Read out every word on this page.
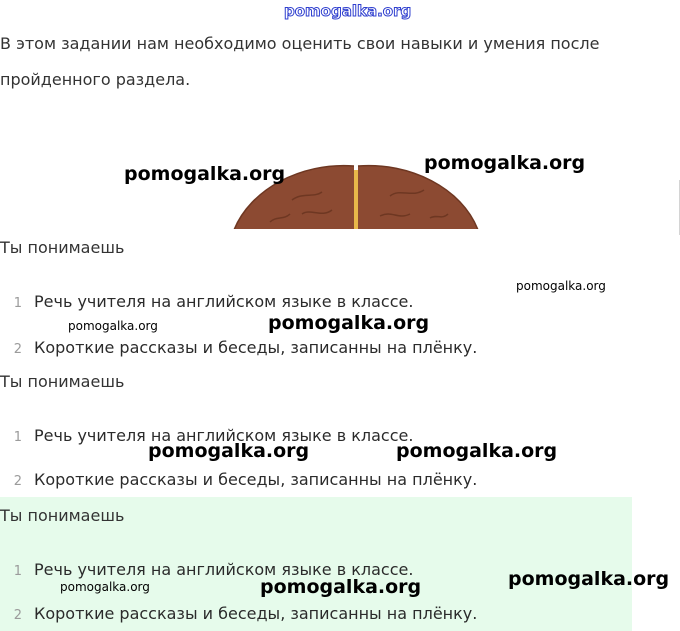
pomogalka.org
В этом задании нам необходимо оценить свои навыки и умения после
пройденного раздела.
Ты понимаешь
1 Речь учителя на английском языке в классе.
2 Короткие рассказы и беседы, записанны на плёнку.
Ты понимаешь
1 Речь учителя на английском языке в классе.
2 Короткие рассказы и беседы, записанны на плёнку.
Ты понимаешь
1 Речь учителя на английском языке в классе.
2 Короткие рассказы и беседы, записанны на плёнку.
pomogalka.org	pomogalka.org
pomogalka.org
pomogalka.org	pomogalka.org
pomogalka.org	pomogalka.org
pomogalka.org	pomogalka.org	pomogalka.org
